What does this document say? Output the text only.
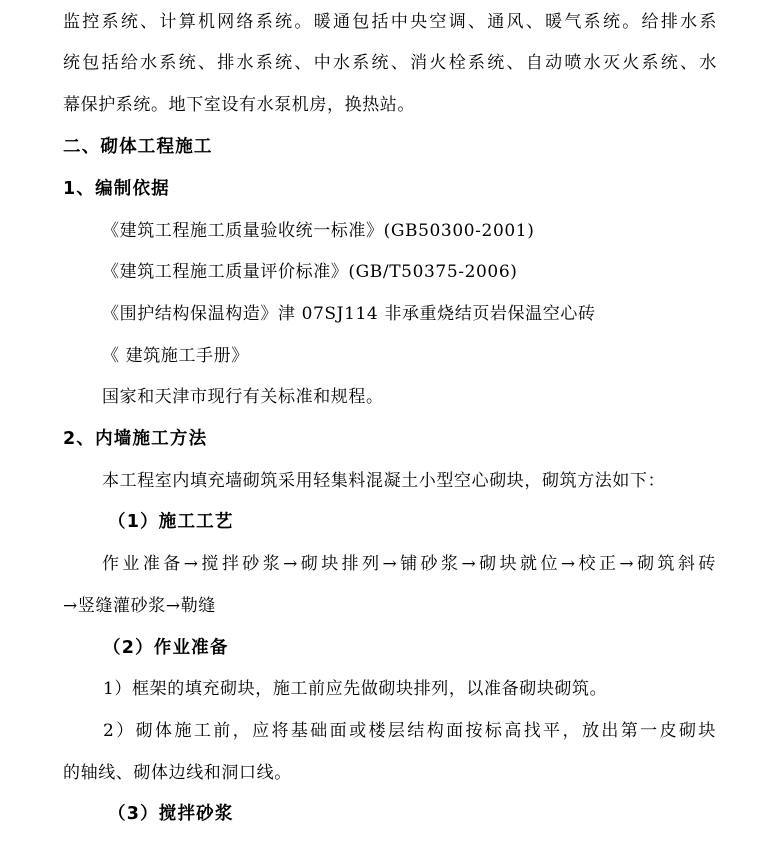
监控系统、计算机网络系统。暖通包括中央空调、通风、暖气系统。给排水系
统包括给水系统、排水系统、中水系统、消火栓系统、自动喷水灭火系统、水
幕保护系统。地下室设有水泵机房，换热站。
二、砌体工程施工
1、编制依据
《建筑工程施工质量验收统一标准》(GB50300-2001)
《建筑工程施工质量评价标准》(GB/T50375-2006)
《围护结构保温构造》津 07SJ114 非承重烧结页岩保温空心砖
《 建筑施工手册》
国家和天津市现行有关标准和规程。
2、内墙施工方法
本工程室内填充墙砌筑采用轻集料混凝土小型空心砌块，砌筑方法如下：
（1）施工工艺
作业准备→搅拌砂浆→砌块排列→铺砂浆→砌块就位→校正→砌筑斜砖
→竖缝灌砂浆→勒缝
（2）作业准备
1）框架的填充砌块，施工前应先做砌块排列，以准备砌块砌筑。
2）砌体施工前，应将基础面或楼层结构面按标高找平，放出第一皮砌块
的轴线、砌体边线和洞口线。
（3）搅拌砂浆
